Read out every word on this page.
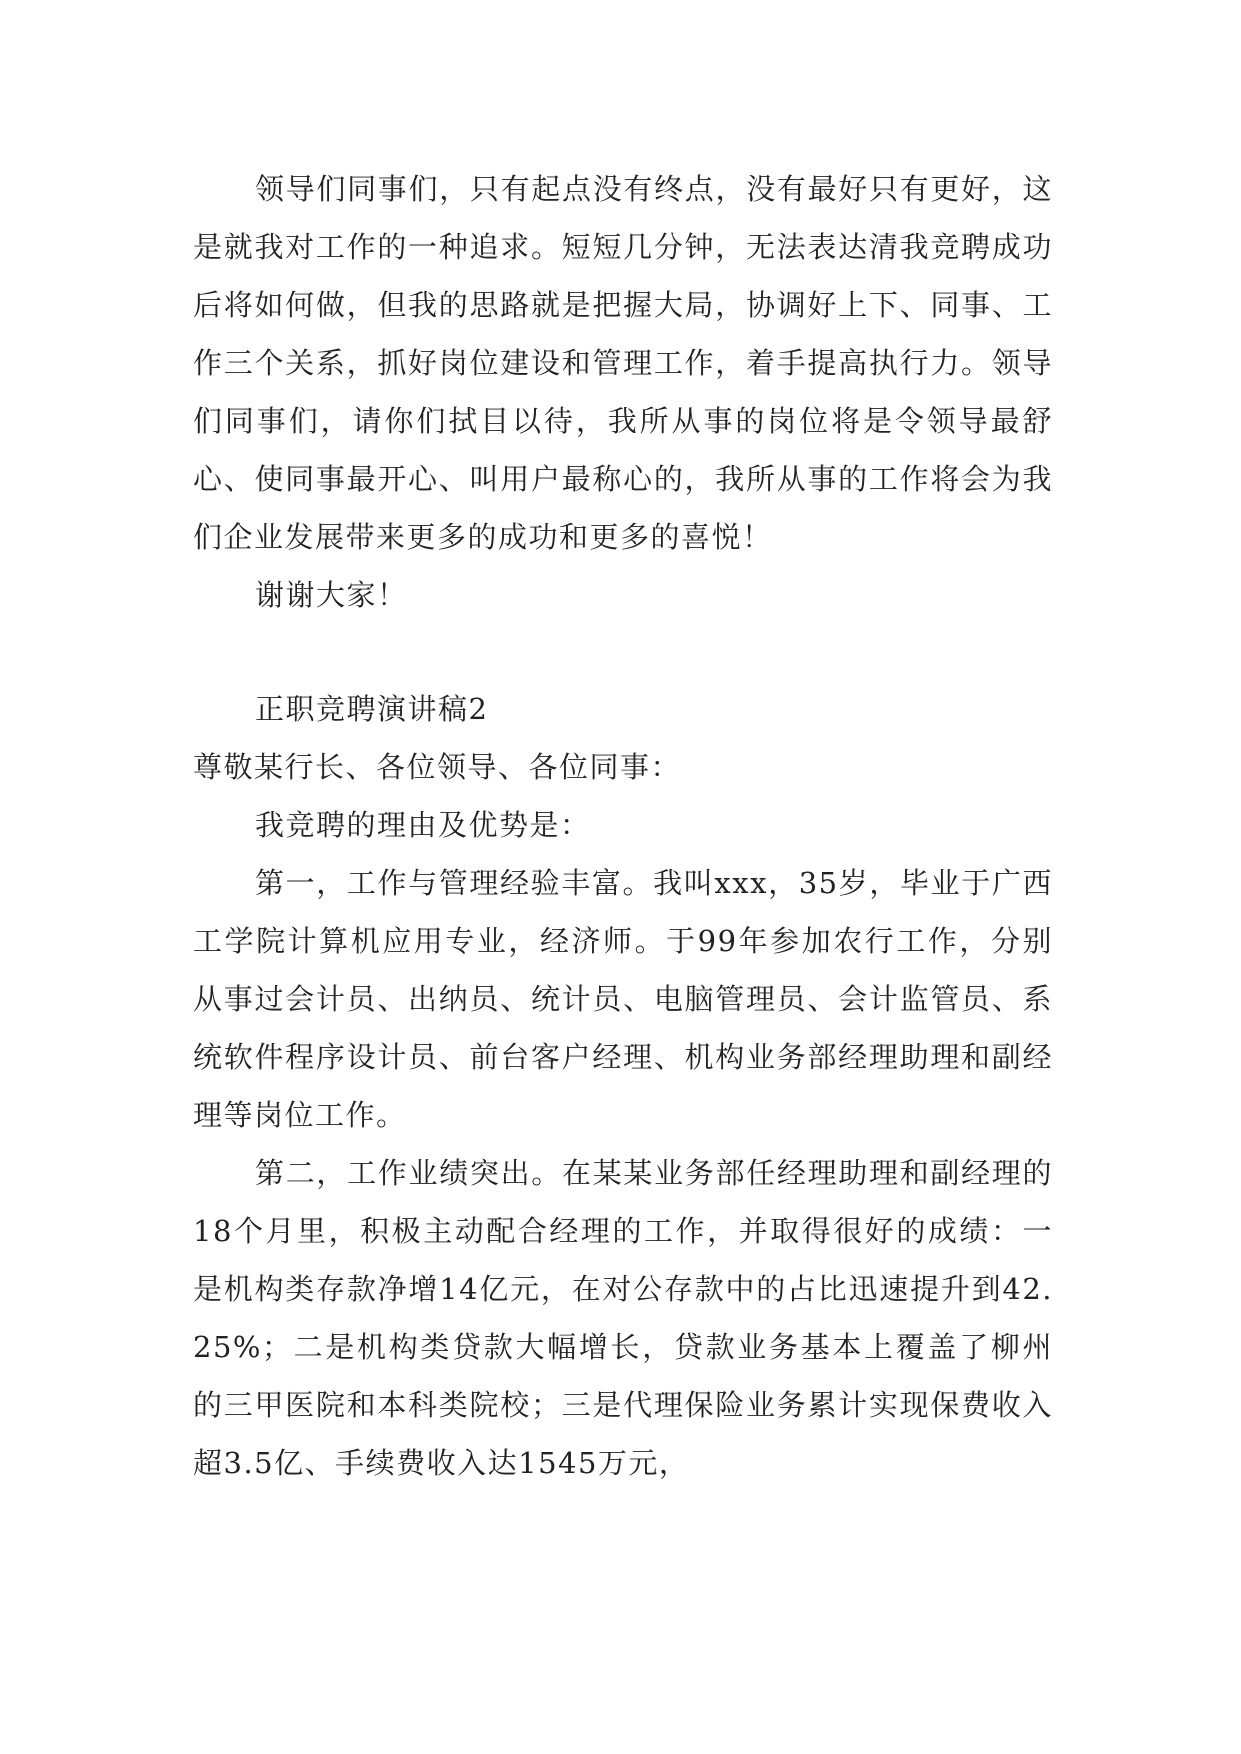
领导们同事们，只有起点没有终点，没有最好只有更好，这是就我对工作的一种追求。短短几分钟，无法表达清我竞聘成功后将如何做，但我的思路就是把握大局，协调好上下、同事、工作三个关系，抓好岗位建设和管理工作，着手提高执行力。领导们同事们，请你们拭目以待，我所从事的岗位将是令领导最舒心、使同事最开心、叫用户最称心的，我所从事的工作将会为我们企业发展带来更多的成功和更多的喜悦！

谢谢大家！

正职竞聘演讲稿2

尊敬某行长、各位领导、各位同事：

我竞聘的理由及优势是：

第一，工作与管理经验丰富。我叫xxx，35岁，毕业于广西工学院计算机应用专业，经济师。于99年参加农行工作，分别从事过会计员、出纳员、统计员、电脑管理员、会计监管员、系统软件程序设计员、前台客户经理、机构业务部经理助理和副经理等岗位工作。

第二，工作业绩突出。在某某业务部任经理助理和副经理的18个月里，积极主动配合经理的工作，并取得很好的成绩：一是机构类存款净增14亿元，在对公存款中的占比迅速提升到42.25%；二是机构类贷款大幅增长，贷款业务基本上覆盖了柳州的三甲医院和本科类院校；三是代理保险业务累计实现保费收入超3.5亿、手续费收入达1545万元，
